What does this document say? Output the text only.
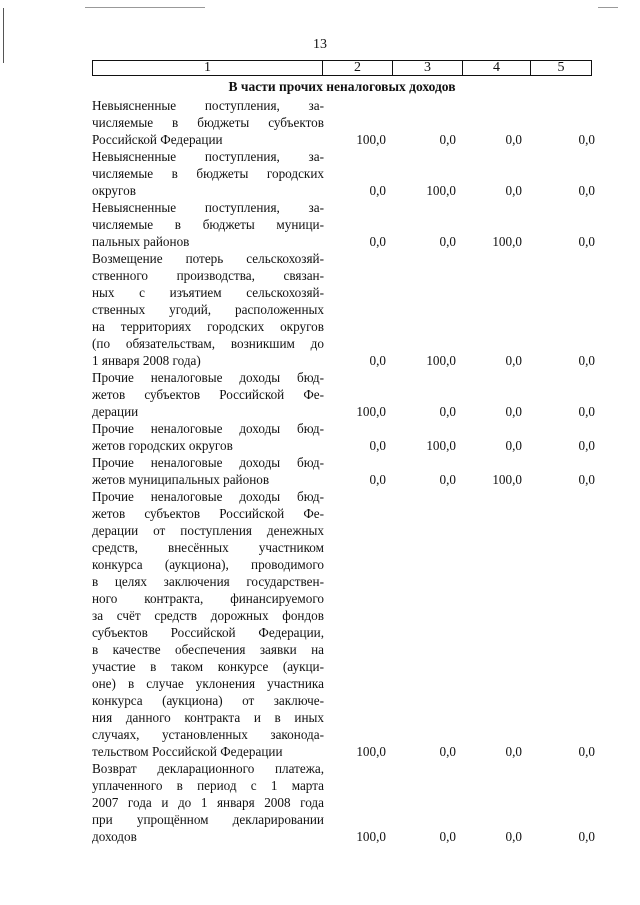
13
1	2	3	4	5
В части прочих неналоговых доходов
Невыясненные поступления, за-
числяемые в бюджеты субъектов
Российской Федерации	100,0	0,0	0,0	0,0
Невыясненные поступления, за-
числяемые в бюджеты городских
округов	0,0	100,0	0,0	0,0
Невыясненные поступления, за-
числяемые в бюджеты муници-
пальных районов	0,0	0,0	100,0	0,0
Возмещение потерь сельскохозяй-
ственного производства, связан-
ных с изъятием сельскохозяй-
ственных угодий, расположенных
на территориях городских округов
(по обязательствам, возникшим до
1 января 2008 года)	0,0	100,0	0,0	0,0
Прочие неналоговые доходы бюд-
жетов субъектов Российской Фе-
дерации	100,0	0,0	0,0	0,0
Прочие неналоговые доходы бюд-
жетов городских округов	0,0	100,0	0,0	0,0
Прочие неналоговые доходы бюд-
жетов муниципальных районов	0,0	0,0	100,0	0,0
Прочие неналоговые доходы бюд-
жетов субъектов Российской Фе-
дерации от поступления денежных
средств, внесённых участником
конкурса (аукциона), проводимого
в целях заключения государствен-
ного контракта, финансируемого
за счёт средств дорожных фондов
субъектов Российской Федерации,
в качестве обеспечения заявки на
участие в таком конкурсе (аукци-
оне) в случае уклонения участника
конкурса (аукциона) от заключе-
ния данного контракта и в иных
случаях, установленных законода-
тельством Российской Федерации	100,0	0,0	0,0	0,0
Возврат декларационного платежа,
уплаченного в период с 1 марта
2007 года и до 1 января 2008 года
при упрощённом декларировании
доходов	100,0	0,0	0,0	0,0
